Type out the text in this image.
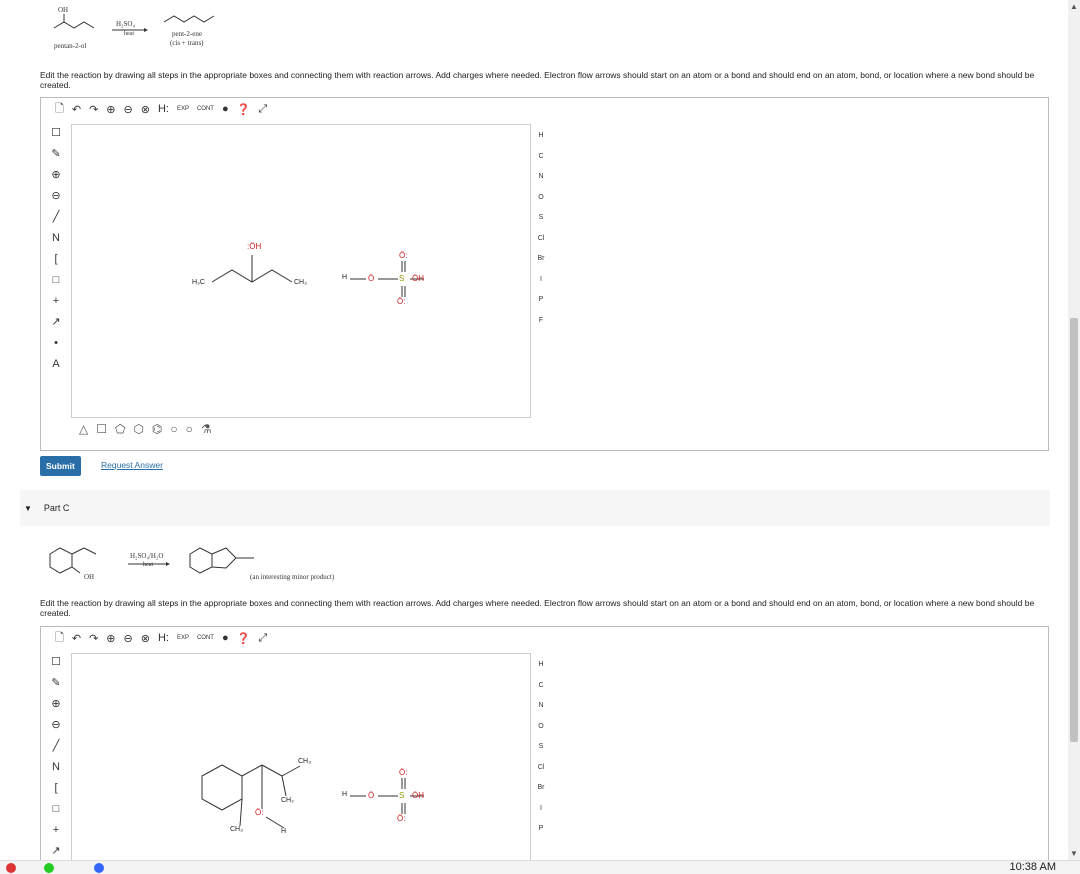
OH
H₂SO₄
heat
pentan-2-ol
pent-2-ene
(cis + trans)
Edit the reaction by drawing all steps in the appropriate boxes and connecting them with reaction arrows. Add charges where needed. Electron flow arrows should start on an atom or a bond and should end on an atom, bond, or location where a new bond should be created.
🗋 ↶ ↷ ⊕ ⊖ ⊗ H: EXP CONT ● ❓ ⤢
☐
✎
⊕
⊖
╱
N
[
□
+
↗
•
A
:ÖH
H₃C	CH₃
H	Ö	S ÖH
Ö:
Ö:
H
C
N
O
S
Cl
Br
I
P
F
△ ☐ ⬠ ⬡ ⌬ ○ ○ ⚗
Submit	Request Answer
▼ Part C
OH
H₂SO₄/H₂O
heat
(an interesting minor product)
Edit the reaction by drawing all steps in the appropriate boxes and connecting them with reaction arrows. Add charges where needed. Electron flow arrows should start on an atom or a bond and should end on an atom, bond, or location where a new bond should be created.
🗋 ↶ ↷ ⊕ ⊖ ⊗ H: EXP CONT ● ❓ ⤢
☐
✎
⊕
⊖
╱
N
[
□
+
↗
CH₃
CH₂
CH₃
Ö:
H
H	Ö	S ÖH
Ö:
Ö:
H
C
N
O
S
Cl
Br
I
P
▲
▼
10:38 AM
